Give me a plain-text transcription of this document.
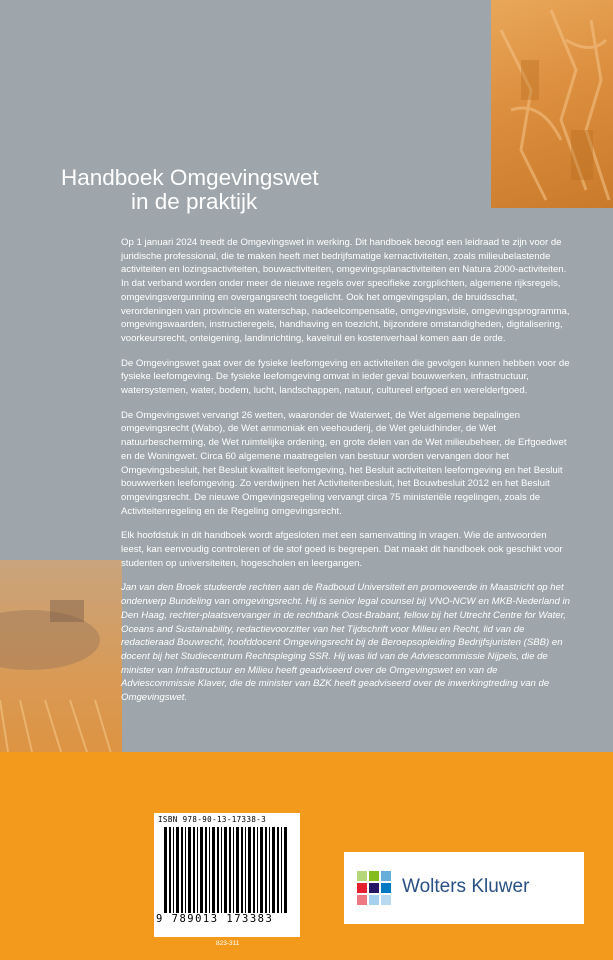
Handboek Omgevingswet
in de praktijk

Op 1 januari 2024 treedt de Omgevingswet in werking. Dit handboek beoogt een leidraad te zijn voor de juridische professional, die te maken heeft met bedrijfsmatige kernactiviteiten, zoals milieubelastende activiteiten en lozingsactiviteiten, bouwactiviteiten, omgevingsplanactiviteiten en Natura 2000-activiteiten. In dat verband worden onder meer de nieuwe regels over specifieke zorgplichten, algemene rijksregels, omgevingsvergunning en overgangsrecht toegelicht. Ook het omgevingsplan, de bruidsschat, verordeningen van provincie en waterschap, nadeelcompensatie, omgevingsvisie, omgevingsprogramma, omgevingswaarden, instructieregels, handhaving en toezicht, bijzondere omstandigheden, digitalisering, voorkeursrecht, onteigening, landinrichting, kavelruil en kostenverhaal komen aan de orde.

De Omgevingswet gaat over de fysieke leefomgeving en activiteiten die gevolgen kunnen hebben voor de fysieke leefomgeving. De fysieke leefomgeving omvat in ieder geval bouwwerken, infrastructuur, watersystemen, water, bodem, lucht, landschappen, natuur, cultureel erfgoed en werelderfgoed.

De Omgevingswet vervangt 26 wetten, waaronder de Waterwet, de Wet algemene bepalingen omgevingsrecht (Wabo), de Wet ammoniak en veehouderij, de Wet geluidhinder, de Wet natuurbescherming, de Wet ruimtelijke ordening, en grote delen van de Wet milieubeheer, de Erfgoedwet en de Woningwet. Circa 60 algemene maatregelen van bestuur worden vervangen door het Omgevingsbesluit, het Besluit kwaliteit leefomgeving, het Besluit activiteiten leefomgeving en het Besluit bouwwerken leefomgeving. Zo verdwijnen het Activiteitenbesluit, het Bouwbesluit 2012 en het Besluit omgevingsrecht. De nieuwe Omgevingsregeling vervangt circa 75 ministeriële regelingen, zoals de Activiteitenregeling en de Regeling omgevingsrecht.

Elk hoofdstuk in dit handboek wordt afgesloten met een samenvatting in vragen. Wie de antwoorden leest, kan eenvoudig controleren of de stof goed is begrepen. Dat maakt dit handboek ook geschikt voor studenten op universiteiten, hogescholen en leergangen.

Jan van den Broek studeerde rechten aan de Radboud Universiteit en promoveerde in Maastricht op het onderwerp Bundeling van omgevingsrecht. Hij is senior legal counsel bij VNO-NCW en MKB-Nederland in Den Haag, rechter-plaatsvervanger in de rechtbank Oost-Brabant, fellow bij het Utrecht Centre for Water, Oceans and Sustainability, redactievoorzitter van het Tijdschrift voor Milieu en Recht, lid van de redactieraad Bouwrecht, hoofddocent Omgevingsrecht bij de Beroepsopleiding Bedrijfsjuristen (SBB) en docent bij het Studiecentrum Rechtspleging SSR. Hij was lid van de Adviescommissie Nijpels, die de minister van Infrastructuur en Milieu heeft geadviseerd over de Omgevingswet en van de Adviescommissie Klaver, die de minister van BZK heeft geadviseerd over de inwerkingtreding van de Omgevingswet.

ISBN 978-90-13-17338-3
9 789013 173383
823-311
Wolters Kluwer
